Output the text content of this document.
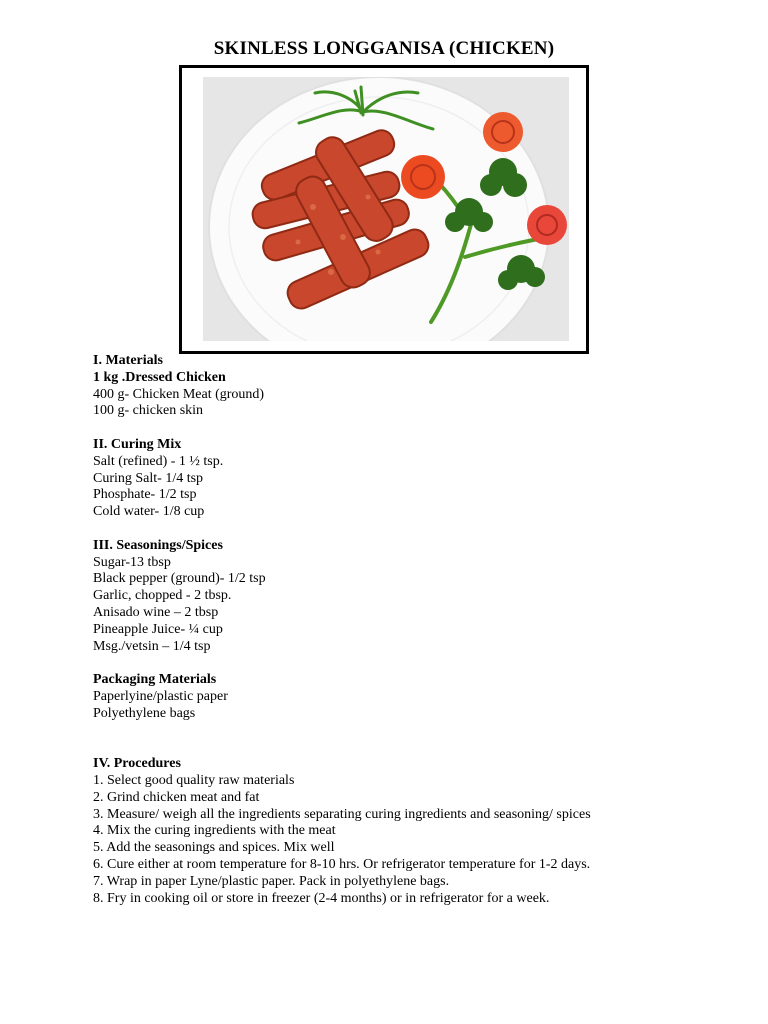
SKINLESS LONGGANISA (CHICKEN)
I. Materials
1 kg .Dressed Chicken
400 g- Chicken Meat (ground)
100 g- chicken skin
II. Curing Mix
Salt (refined) - 1 ½ tsp.
Curing Salt- 1/4 tsp
Phosphate- 1/2 tsp
Cold water- 1/8 cup
III. Seasonings/Spices
Sugar-13 tbsp
Black pepper (ground)- 1/2 tsp
Garlic, chopped - 2 tbsp.
Anisado wine – 2 tbsp
Pineapple Juice- ¼ cup
Msg./vetsin – 1/4 tsp
Packaging Materials
Paperlyine/plastic paper
Polyethylene bags
IV. Procedures
1. Select good quality raw materials
2. Grind chicken meat and fat
3. Measure/ weigh all the ingredients separating curing ingredients and seasoning/ spices
4. Mix the curing ingredients with the meat
5. Add the seasonings and spices. Mix well
6. Cure either at room temperature for 8-10 hrs. Or refrigerator temperature for 1-2 days.
7. Wrap in paper Lyne/plastic paper. Pack in polyethylene bags.
8. Fry in cooking oil or store in freezer (2-4 months) or in refrigerator for a week.
